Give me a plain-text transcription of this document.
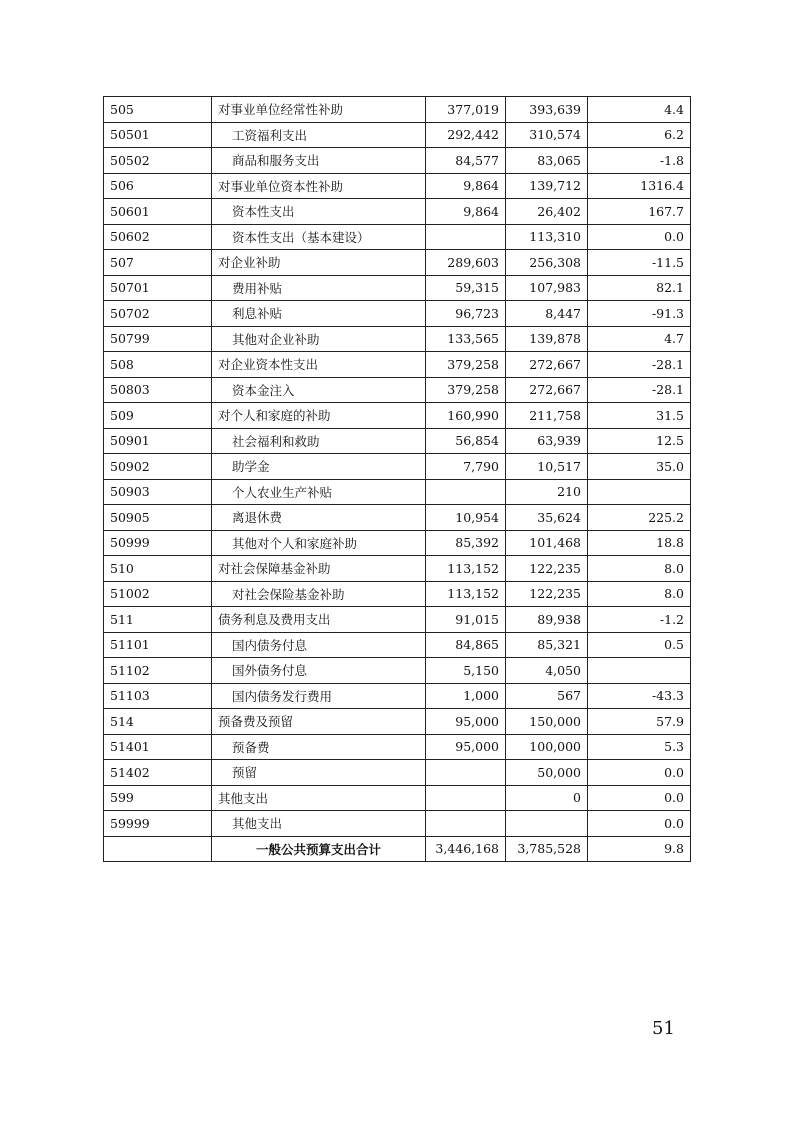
505	对事业单位经常性补助	377,019	393,639	4.4
50501	工资福利支出	292,442	310,574	6.2
50502	商品和服务支出	84,577	83,065	-1.8
506	对事业单位资本性补助	9,864	139,712	1316.4
50601	资本性支出	9,864	26,402	167.7
50602	资本性支出（基本建设）		113,310	0.0
507	对企业补助	289,603	256,308	-11.5
50701	费用补贴	59,315	107,983	82.1
50702	利息补贴	96,723	8,447	-91.3
50799	其他对企业补助	133,565	139,878	4.7
508	对企业资本性支出	379,258	272,667	-28.1
50803	资本金注入	379,258	272,667	-28.1
509	对个人和家庭的补助	160,990	211,758	31.5
50901	社会福利和救助	56,854	63,939	12.5
50902	助学金	7,790	10,517	35.0
50903	个人农业生产补贴		210	
50905	离退休费	10,954	35,624	225.2
50999	其他对个人和家庭补助	85,392	101,468	18.8
510	对社会保障基金补助	113,152	122,235	8.0
51002	对社会保险基金补助	113,152	122,235	8.0
511	债务利息及费用支出	91,015	89,938	-1.2
51101	国内债务付息	84,865	85,321	0.5
51102	国外债务付息	5,150	4,050	
51103	国内债务发行费用	1,000	567	-43.3
514	预备费及预留	95,000	150,000	57.9
51401	预备费	95,000	100,000	5.3
51402	预留		50,000	0.0
599	其他支出		0	0.0
59999	其他支出			0.0
	一般公共预算支出合计	3,446,168	3,785,528	9.8
51
